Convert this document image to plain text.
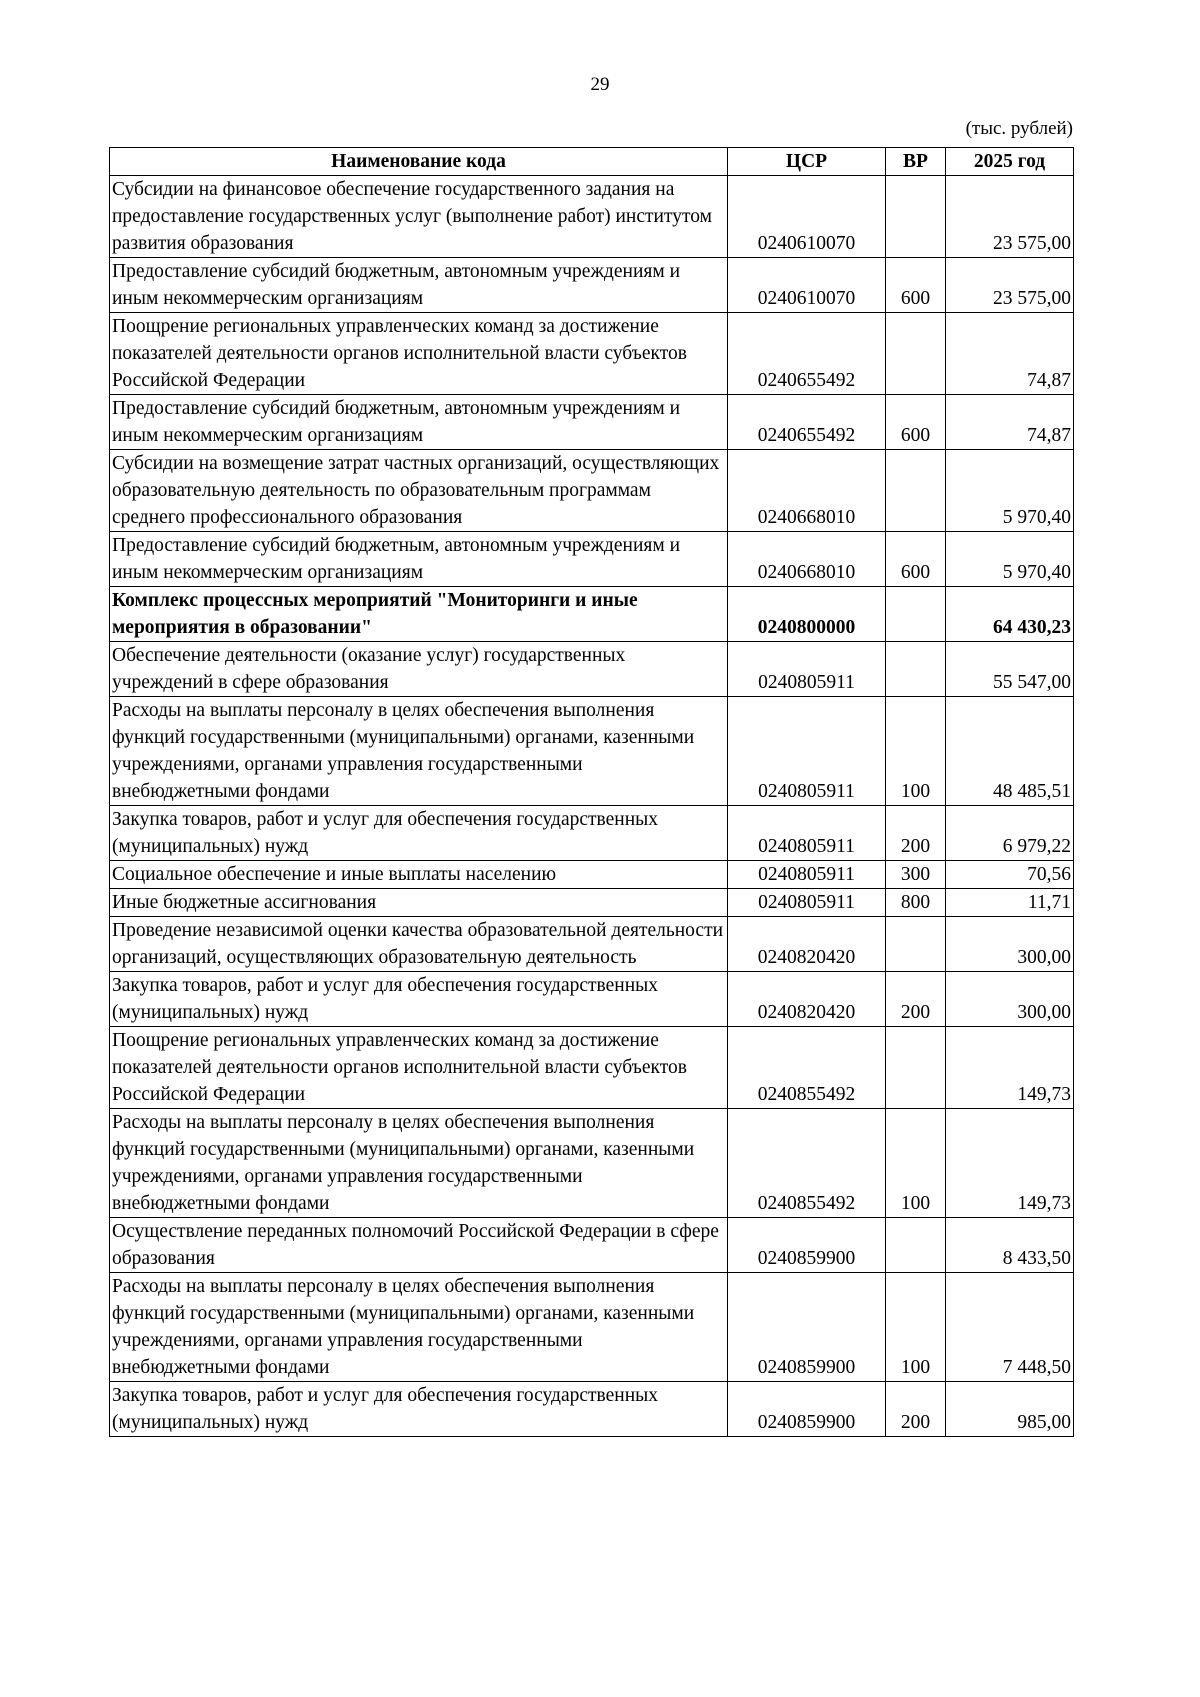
29
(тыс. рублей)
Наименование кода	ЦСР	ВР	2025 год
Субсидии на финансовое обеспечение государственного задания на предоставление государственных услуг (выполнение работ) институтом развития образования	0240610070		23 575,00
Предоставление субсидий бюджетным, автономным учреждениям и иным некоммерческим организациям	0240610070	600	23 575,00
Поощрение региональных управленческих команд за достижение показателей деятельности органов исполнительной власти субъектов Российской Федерации	0240655492		74,87
Предоставление субсидий бюджетным, автономным учреждениям и иным некоммерческим организациям	0240655492	600	74,87
Субсидии на возмещение затрат частных организаций, осуществляющих образовательную деятельность по образовательным программам среднего профессионального образования	0240668010		5 970,40
Предоставление субсидий бюджетным, автономным учреждениям и иным некоммерческим организациям	0240668010	600	5 970,40
Комплекс процессных мероприятий "Мониторинги и иные мероприятия в образовании"	0240800000		64 430,23
Обеспечение деятельности (оказание услуг) государственных учреждений в сфере образования	0240805911		55 547,00
Расходы на выплаты персоналу в целях обеспечения выполнения функций государственными (муниципальными) органами, казенными учреждениями, органами управления государственными внебюджетными фондами	0240805911	100	48 485,51
Закупка товаров, работ и услуг для обеспечения государственных (муниципальных) нужд	0240805911	200	6 979,22
Социальное обеспечение и иные выплаты населению	0240805911	300	70,56
Иные бюджетные ассигнования	0240805911	800	11,71
Проведение независимой оценки качества образовательной деятельности организаций, осуществляющих образовательную деятельность	0240820420		300,00
Закупка товаров, работ и услуг для обеспечения государственных (муниципальных) нужд	0240820420	200	300,00
Поощрение региональных управленческих команд за достижение показателей деятельности органов исполнительной власти субъектов Российской Федерации	0240855492		149,73
Расходы на выплаты персоналу в целях обеспечения выполнения функций государственными (муниципальными) органами, казенными учреждениями, органами управления государственными внебюджетными фондами	0240855492	100	149,73
Осуществление переданных полномочий Российской Федерации в сфере образования	0240859900		8 433,50
Расходы на выплаты персоналу в целях обеспечения выполнения функций государственными (муниципальными) органами, казенными учреждениями, органами управления государственными внебюджетными фондами	0240859900	100	7 448,50
Закупка товаров, работ и услуг для обеспечения государственных (муниципальных) нужд	0240859900	200	985,00
